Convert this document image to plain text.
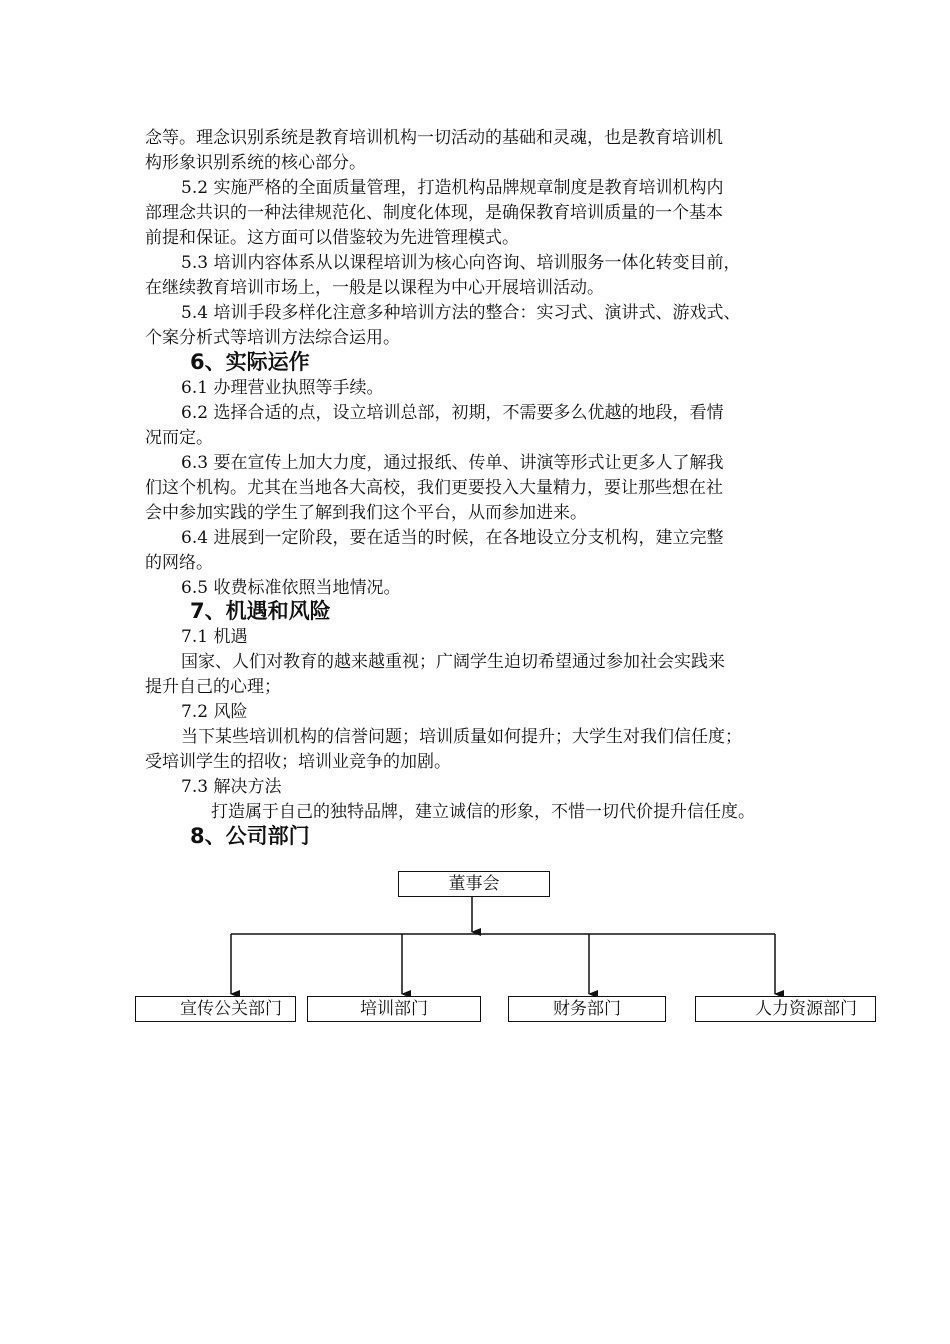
念等。理念识别系统是教育培训机构一切活动的基础和灵魂，也是教育培训机
构形象识别系统的核心部分。
5.2 实施严格的全面质量管理，打造机构品牌规章制度是教育培训机构内
部理念共识的一种法律规范化、制度化体现，是确保教育培训质量的一个基本
前提和保证。这方面可以借鉴较为先进管理模式。
5.3 培训内容体系从以课程培训为核心向咨询、培训服务一体化转变目前，
在继续教育培训市场上，一般是以课程为中心开展培训活动。
5.4 培训手段多样化注意多种培训方法的整合：实习式、演讲式、游戏式、
个案分析式等培训方法综合运用。
6、实际运作
6.1 办理营业执照等手续。
6.2 选择合适的点，设立培训总部，初期，不需要多么优越的地段，看情
况而定。
6.3 要在宣传上加大力度，通过报纸、传单、讲演等形式让更多人了解我
们这个机构。尤其在当地各大高校，我们更要投入大量精力，要让那些想在社
会中参加实践的学生了解到我们这个平台，从而参加进来。
6.4 进展到一定阶段，要在适当的时候，在各地设立分支机构，建立完整
的网络。
6.5 收费标准依照当地情况。
7、机遇和风险
7.1 机遇
国家、人们对教育的越来越重视；广阔学生迫切希望通过参加社会实践来
提升自己的心理；
7.2 风险
当下某些培训机构的信誉问题；培训质量如何提升；大学生对我们信任度；
受培训学生的招收；培训业竞争的加剧。
7.3 解决方法
打造属于自己的独特品牌，建立诚信的形象，不惜一切代价提升信任度。
8、公司部门
董事会
宣传公关部门	培训部门	财务部门	人力资源部门
